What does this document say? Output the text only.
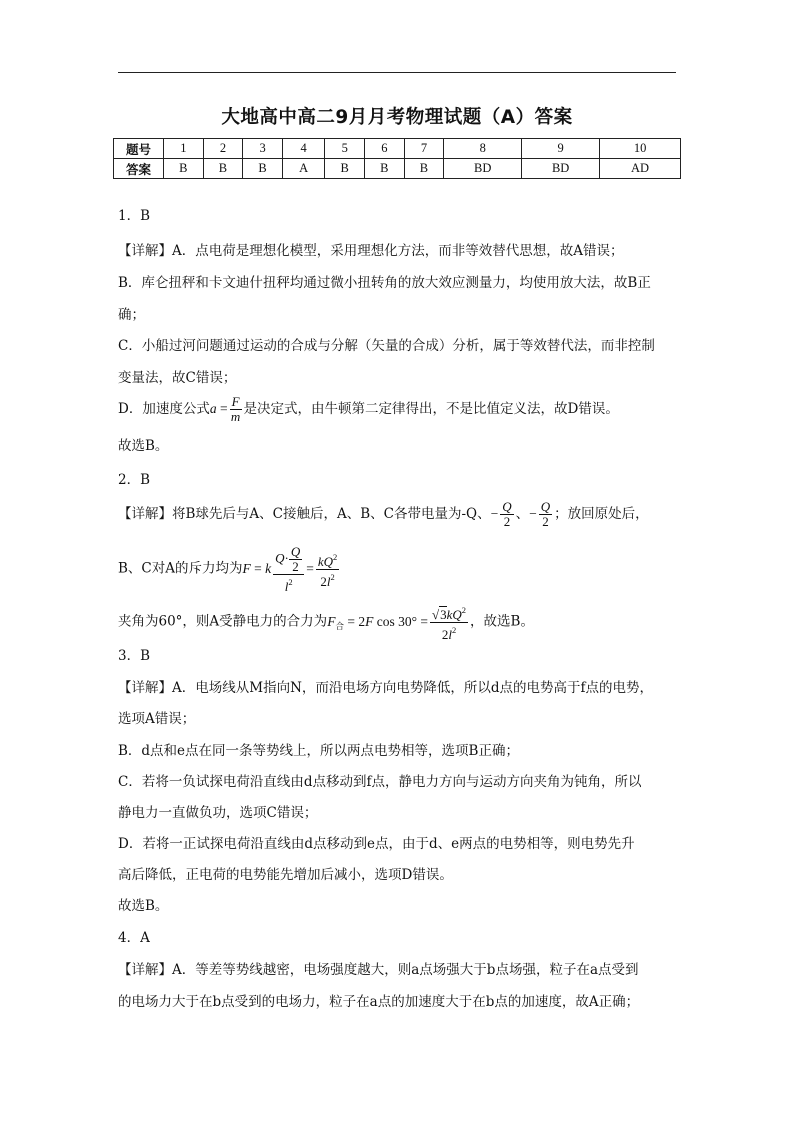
大地高中高二9月月考物理试题（A）答案
题号	1	2	3	4	5	6	7	8	9	10
答案	B	B	B	A	B	B	B	BD	BD	AD
1．B
【详解】A．点电荷是理想化模型，采用理想化方法，而非等效替代思想，故A错误；
B．库仑扭秤和卡文迪什扭秤均通过微小扭转角的放大效应测量力，均使用放大法，故B正
确；
C．小船过河问题通过运动的合成与分解（矢量的合成）分析，属于等效替代法，而非控制
变量法，故C错误；
D．加速度公式$a = \frac{F}{m}$ 是决定式，由牛顿第二定律得出，不是比值定义法，故D错误。
故选B。
2．B
【详解】将B球先后与A、C接触后，A、B、C各带电量为-Q、− $\frac{Q}{2}$ 、− $\frac{Q}{2}$ ；放回原处后，
B、C对A的斥力均为F = k $\frac{Q\cdot \frac{Q}{2}}{l^2} = \frac{kQ^2}{2l^2}$
夹角为60°，则A受静电力的合力为$F_合 = 2F$ $\cos 30^\circ = \frac{√3kQ^2}{2l^2}$ ，故选B。
3．B
【详解】A．电场线从M指向N，而沿电场方向电势降低，所以d点的电势高于f点的电势，
选项A错误；
B．d点和e点在同一条等势线上，所以两点电势相等，选项B正确；
C．若将一负试探电荷沿直线由d点移动到f点，静电力方向与运动方向夹角为钝角，所以
静电力一直做负功，选项C错误；
D．若将一正试探电荷沿直线由d点移动到e点，由于d、e两点的电势相等，则电势先升
高后降低，正电荷的电势能先增加后减小，选项D错误。
故选B。
4．A
【详解】A．等差等势线越密，电场强度越大，则a点场强大于b点场强，粒子在a点受到
的电场力大于在b点受到的电场力，粒子在a点的加速度大于在b点的加速度，故A正确；
